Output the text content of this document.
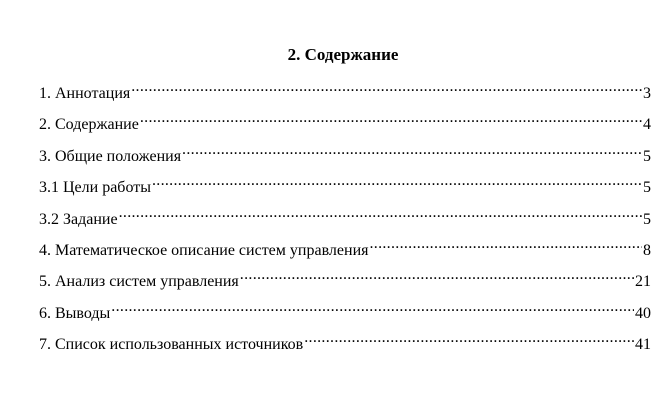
2. Содержание
1. Аннотация .....	3
2. Содержание .....	4
3. Общие положения .....	5
3.1 Цели работы .....	5
3.2 Задание .....	5
4. Математическое описание систем управления .....	8
5. Анализ систем управления .....	21
6. Выводы .....	40
7. Список использованных источников .....	41
